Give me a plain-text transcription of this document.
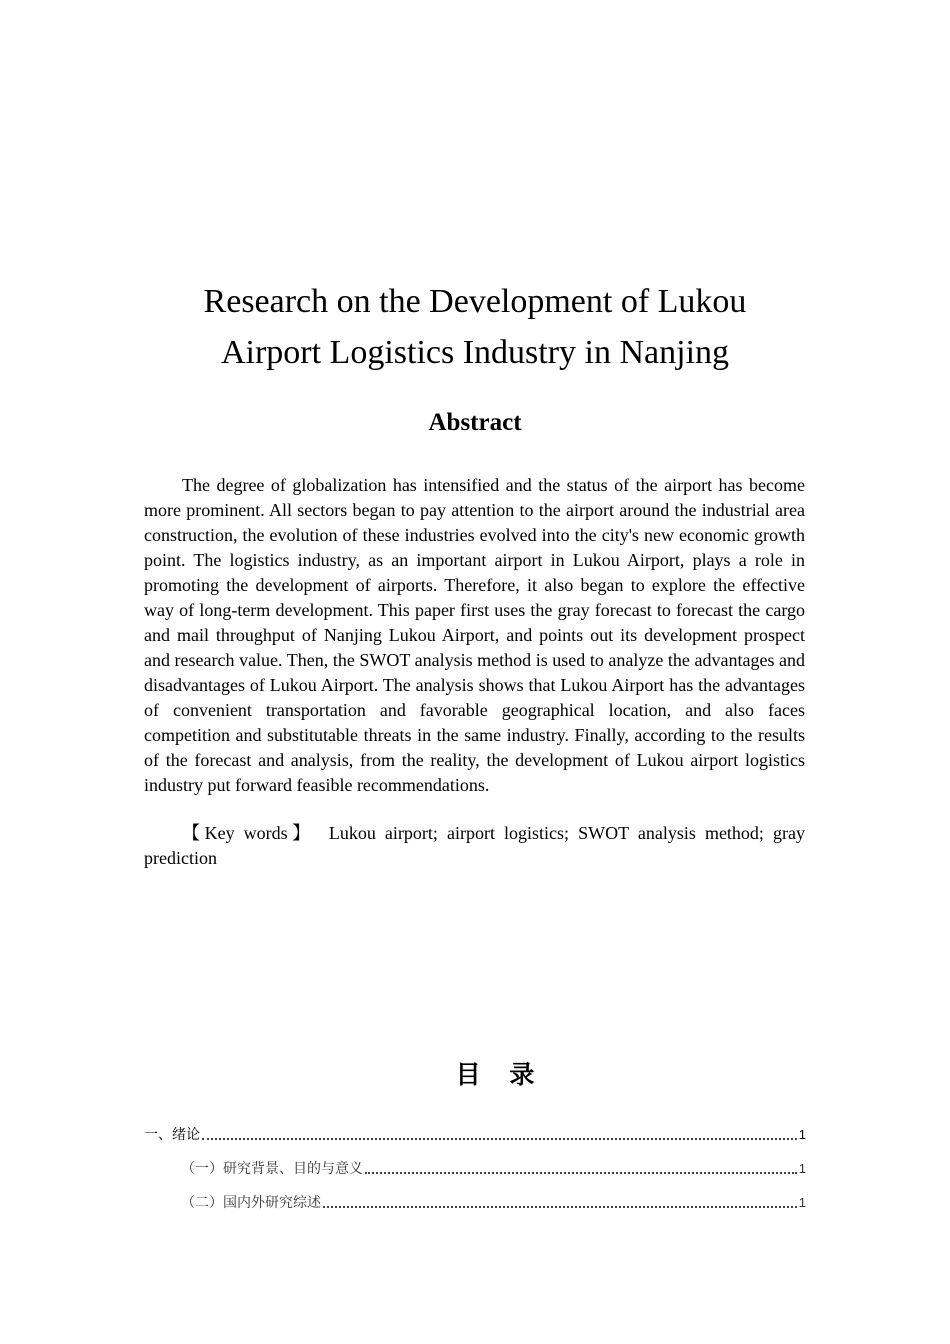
Research on the Development of Lukou
Airport Logistics Industry in Nanjing
Abstract

The degree of globalization has intensified and the status of the airport has become more prominent. All sectors began to pay attention to the airport around the industrial area construction, the evolution of these industries evolved into the city's new economic growth point. The logistics industry, as an important airport in Lukou Airport, plays a role in promoting the development of airports. Therefore, it also began to explore the effective way of long-term development. This paper first uses the gray forecast to forecast the cargo and mail throughput of Nanjing Lukou Airport, and points out its development prospect and research value. Then, the SWOT analysis method is used to analyze the advantages and disadvantages of Lukou Airport. The analysis shows that Lukou Airport has the advantages of convenient transportation and favorable geographical location, and also faces competition and substitutable threats in the same industry. Finally, according to the results of the forecast and analysis, from the reality, the development of Lukou airport logistics industry put forward feasible recommendations.

【Key words】 Lukou airport; airport logistics; SWOT analysis method; gray prediction

目 录
一、绪论	1
（一）研究背景、目的与意义	1
（二）国内外研究综述	1
